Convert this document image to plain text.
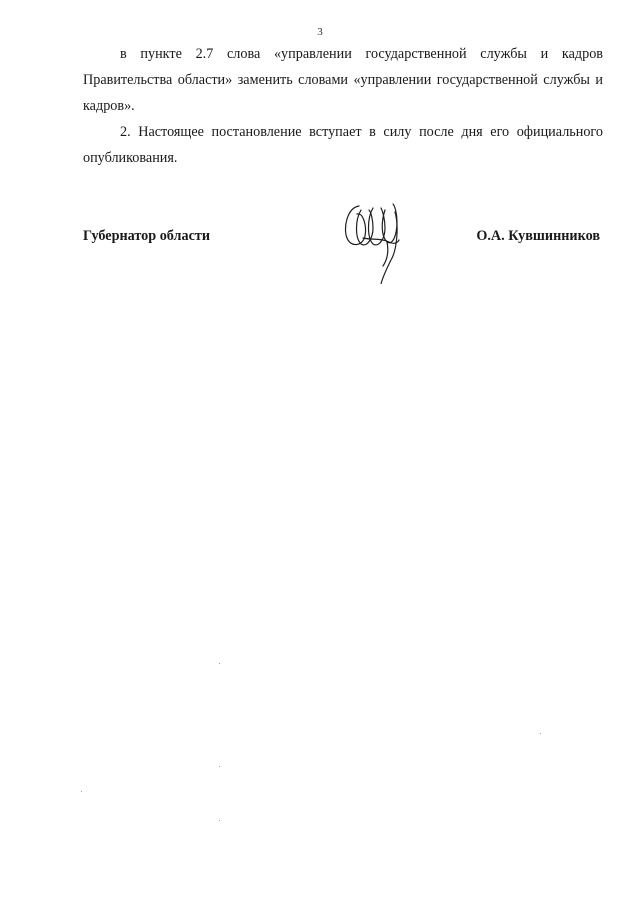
3

в пункте 2.7 слова «управлении государственной службы и кадров Правительства области» заменить словами «управлении государственной службы и кадров».

2. Настоящее постановление вступает в силу после дня его официального опубликования.

Губернатор области	О.А. Кувшинников
